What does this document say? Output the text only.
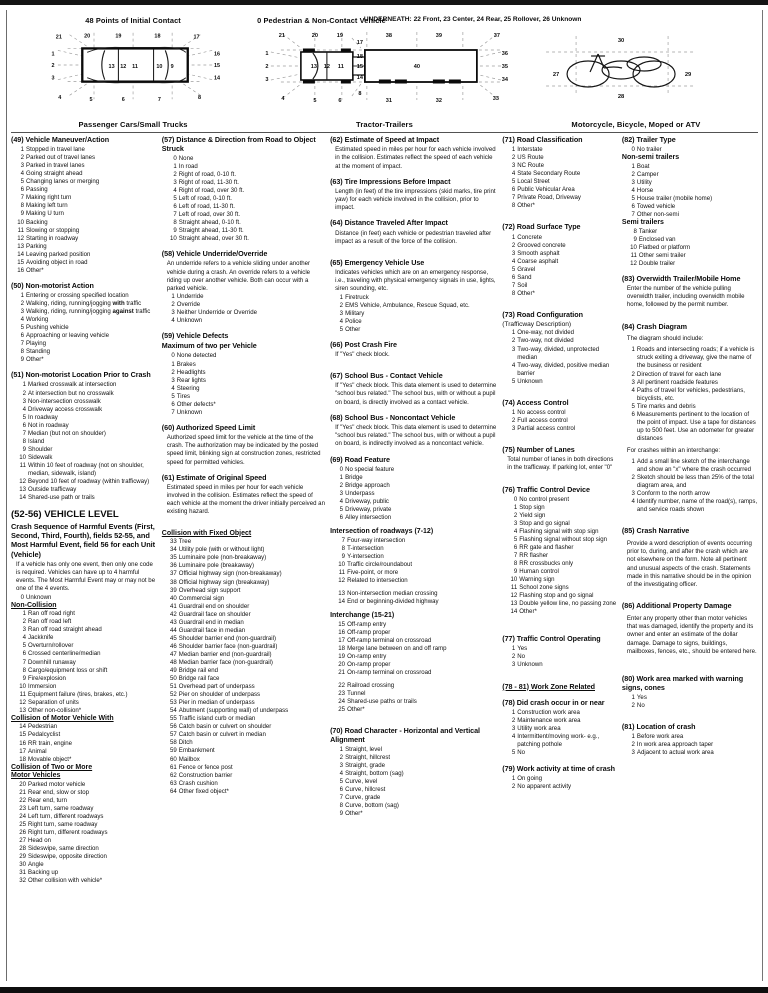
48 Points of Initial Contact
21	20	19	18	17
1
2
3
16
15
14
4	5	6	7	8
13 12 11	10 9
Passenger Cars/Small Trucks
0 Pedestrian & Non-Contact Vehicle
21	20	19
17
38	39	37
1
2
3
18
15
14
36
35
34
13 12 11	40
4	5	6
8
31	32	33
Tractor-Trailers
UNDERNEATH: 22 Front, 23 Center, 24 Rear, 25 Rollover, 26 Unknown
30
27	29
28
Motorcycle, Bicycle, Moped or ATV
(49) Vehicle Maneuver/Action
1 Stopped in travel lane
2 Parked out of travel lanes
3 Parked in travel lanes
4 Going straight ahead
5 Changing lanes or merging
6 Passing
7 Making right turn
8 Making left turn
9 Making U turn
10 Backing
11 Slowing or stopping
12 Starting in roadway
13 Parking
14 Leaving parked position
15 Avoiding object in road
16 Other*
(50) Non-motorist Action
1 Entering or crossing specified location
2 Walking, riding, running/jogging with traffic
3 Walking, riding, running/jogging against traffic
4 Working
5 Pushing vehicle
6 Approaching or leaving vehicle
7 Playing
8 Standing
9 Other*
(51) Non-motorist Location Prior to Crash
1 Marked crosswalk at intersection
2 At intersection but no crosswalk
3 Non-intersection crosswalk
4 Driveway access crosswalk
5 In roadway
6 Not in roadway
7 Median (but not on shoulder)
8 Island
9 Shoulder
10 Sidewalk
11 Within 10 feet of roadway (not on shoulder, median, sidewalk, island)
12 Beyond 10 feet of roadway (within trafficway)
13 Outside trafficway
14 Shared-use path or trails
(52-56) VEHICLE LEVEL
Crash Sequence of Harmful Events (First, Second, Third, Fourth), fields 52-55, and Most Harmful Event, field 56 for each Unit (Vehicle)
If a vehicle has only one event, then only one code is required. Vehicles can have up to 4 harmful events. The Most Harmful Event may or may not be one of the 4 events.
0 Unknown
Non-Collision
1 Ran off road right
2 Ran off road left
3 Ran off road straight ahead
4 Jackknife
5 Overturn/rollover
6 Crossed centerline/median
7 Downhill runaway
8 Cargo/equipment loss or shift
9 Fire/explosion
10 Immersion
11 Equipment failure (tires, brakes, etc.)
12 Separation of units
13 Other non-collision*
Collision of Motor Vehicle With
14 Pedestrian
15 Pedalcyclist
16 RR train, engine
17 Animal
18 Movable object*
Collision of Two or More
Motor Vehicles
20 Parked motor vehicle
21 Rear end, slow or stop
22 Rear end, turn
23 Left turn, same roadway
24 Left turn, different roadways
25 Right turn, same roadway
26 Right turn, different roadways
27 Head on
28 Sideswipe, same direction
29 Sideswipe, opposite direction
30 Angle
31 Backing up
32 Other collision with vehicle*
(57) Distance & Direction from Road to Object Struck
0 None
1 In road
2 Right of road, 0-10 ft.
3 Right of road, 11-30 ft.
4 Right of road, over 30 ft.
5 Left of road, 0-10 ft.
6 Left of road, 11-30 ft.
7 Left of road, over 30 ft.
8 Straight ahead, 0-10 ft.
9 Straight ahead, 11-30 ft.
10 Straight ahead, over 30 ft.
(58) Vehicle Underride/Override
An underride refers to a vehicle sliding under another vehicle during a crash. An override refers to a vehicle riding up over another vehicle. Both can occur with a parked vehicle.
1 Underride
2 Override
3 Neither Underride or Override
4 Unknown
(59) Vehicle Defects
Maximum of two per Vehicle
0 None detected
1 Brakes
2 Headlights
3 Rear lights
4 Steering
5 Tires
6 Other defects*
7 Unknown
(60) Authorized Speed Limit
Authorized speed limit for the vehicle at the time of the crash. The authorization may be indicated by the posted speed limit, blinking sign at construction zones, restricted speed for permitted vehicles.
(61) Estimate of Original Speed
Estimated speed in miles per hour for each vehicle involved in the collision. Estimates reflect the speed of each vehicle at the moment the driver initially perceived an existing hazard.
Collision with Fixed Object
33 Tree
34 Utility pole (with or without light)
35 Luminaire pole (non-breakaway)
36 Luminaire pole (breakaway)
37 Official highway sign (non-breakaway)
38 Official highway sign (breakaway)
39 Overhead sign support
40 Commercial sign
41 Guardrail end on shoulder
42 Guardrail face on shoulder
43 Guardrail end in median
44 Guardrail face in median
45 Shoulder barrier end (non-guardrail)
46 Shoulder barrier face (non-guardrail)
47 Median barrier end (non-guardrail)
48 Median barrier face (non-guardrail)
49 Bridge rail end
50 Bridge rail face
51 Overhead part of underpass
52 Pier on shoulder of underpass
53 Pier in median of underpass
54 Abutment (supporting wall) of underpass
55 Traffic island curb or median
56 Catch basin or culvert on shoulder
57 Catch basin or culvert in median
58 Ditch
59 Embankment
60 Mailbox
61 Fence or fence post
62 Construction barrier
63 Crash cushion
64 Other fixed object*
(62) Estimate of Speed at Impact
Estimated speed in miles per hour for each vehicle involved in the collision. Estimates reflect the speed of each vehicle at the moment of impact.
(63) Tire Impressions Before Impact
Length (in feet) of the tire impressions (skid marks, tire print yaw) for each vehicle involved in the collision, prior to impact.
(64) Distance Traveled After Impact
Distance (in feet) each vehicle or pedestrian traveled after impact as a result of the force of the collision.
(65) Emergency Vehicle Use
Indicates vehicles which are on an emergency response, i.e., traveling with physical emergency signals in use, lights, siren sounding, etc.
1 Firetruck
2 EMS Vehicle, Ambulance, Rescue Squad, etc.
3 Military
4 Police
5 Other
(66) Post Crash Fire
If "Yes" check block.
(67) School Bus - Contact Vehicle
If "Yes" check block. This data element is used to determine "school bus related." The school bus, with or without a pupil on board, is directly involved as a contact vehicle.
(68) School Bus - Noncontact Vehicle
If "Yes" check block. This data element is used to determine "school bus related." The school bus, with or without a pupil on board, is indirectly involved as a noncontact vehicle.
(69) Road Feature
0 No special feature
1 Bridge
2 Bridge approach
3 Underpass
4 Driveway, public
5 Driveway, private
6 Alley intersection
Intersection of roadways (7-12)
7 Four-way intersection
8 T-intersection
9 Y-intersection
10 Traffic circle/roundabout
11 Five-point, or more
12 Related to intersection
13 Non-intersection median crossing
14 End or beginning-divided highway
Interchange (15-21)
15 Off-ramp entry
16 Off-ramp proper
17 Off-ramp terminal on crossroad
18 Merge lane between on and off ramp
19 On-ramp entry
20 On-ramp proper
21 On-ramp terminal on crossroad
22 Railroad crossing
23 Tunnel
24 Shared-use paths or trails
25 Other*
(70) Road Character - Horizontal and Vertical Alignment
1 Straight, level
2 Straight, hillcrest
3 Straight, grade
4 Straight, bottom (sag)
5 Curve, level
6 Curve, hillcrest
7 Curve, grade
8 Curve, bottom (sag)
9 Other*
(71) Road Classification
1 Interstate
2 US Route
3 NC Route
4 State Secondary Route
5 Local Street
6 Public Vehicular Area
7 Private Road, Driveway
8 Other*
(72) Road Surface Type
1 Concrete
2 Grooved concrete
3 Smooth asphalt
4 Coarse asphalt
5 Gravel
6 Sand
7 Soil
8 Other*
(73) Road Configuration
(Trafficway Description)
1 One-way, not divided
2 Two-way, not divided
3 Two-way, divided, unprotected median
4 Two-way, divided, positive median barrier
5 Unknown
(74) Access Control
1 No access control
2 Full access control
3 Partial access control
(75) Number of Lanes
Total number of lanes in both directions in the trafficway. If parking lot, enter "0"
(76) Traffic Control Device
0 No control present
1 Stop sign
2 Yield sign
3 Stop and go signal
4 Flashing signal with stop sign
5 Flashing signal without stop sign
6 RR gate and flasher
7 RR flasher
8 RR crossbucks only
9 Human control
10 Warning sign
11 School zone signs
12 Flashing stop and go signal
13 Double yellow line, no passing zone
14 Other*
(77) Traffic Control Operating
1 Yes
2 No
3 Unknown
(78 - 81) Work Zone Related
(78) Did crash occur in or near
1 Construction work area
2 Maintenance work area
3 Utility work area
4 Intermittent/moving work- e.g., patching pothole
5 No
(79) Work activity at time of crash
1 On going
2 No apparent activity
(82) Trailer Type
0 No trailer
Non-semi trailers
1 Boat
2 Camper
3 Utility
4 Horse
5 House trailer (mobile home)
6 Towed vehicle
7 Other non-semi
Semi trailers
8 Tanker
9 Enclosed van
10 Flatbed or platform
11 Other semi trailer
12 Double trailer
(83) Overwidth Trailer/Mobile Home
Enter the number of the vehicle pulling overwidth trailer, including overwidth mobile home, followed by the permit number.
(84) Crash Diagram
The diagram should include:
1 Roads and intersecting roads; if a vehicle is struck exiting a driveway, give the name of the business or resident
2 Direction of travel for each lane
3 All pertinent roadside features
4 Paths of travel for vehicles, pedestrians, bicyclists, etc.
5 Tire marks and debris
6 Measurements pertinent to the location of the point of impact. Use a tape for distances up to 500 feet. Use an odometer for greater distances
For crashes within an interchange:
1 Add a small line sketch of the interchange and show an "x" where the crash occurred
2 Sketch should be less than 25% of the total diagram area, and
3 Conform to the north arrow
4 Identify number, name of the road(s), ramps, and service roads shown
(85) Crash Narrative
Provide a word description of events occurring prior to, during, and after the crash which are not elsewhere on the form. Note all pertinent and unusual aspects of the crash. Statements made in this narrative should be in the opinion of the investigating officer.
(86) Additional Property Damage
Enter any property other than motor vehicles that was damaged, identify the property and its owner and enter an estimate of the dollar damage. Damage to signs, buildings, mailboxes, fences, etc., should be entered here.
(80) Work area marked with warning signs, cones
1 Yes
2 No
(81) Location of crash
1 Before work area
2 In work area approach taper
3 Adjacent to actual work area
